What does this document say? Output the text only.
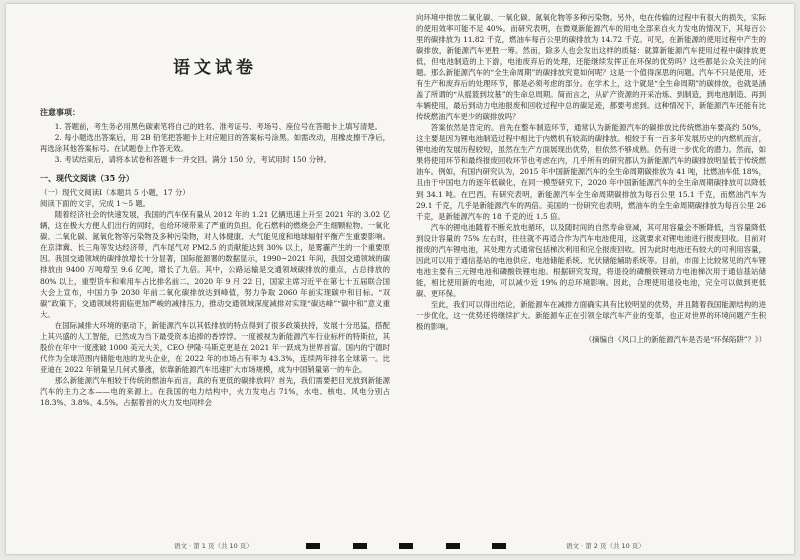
语文试卷
注意事项：

1. 答题前，考生务必用黑色碳素笔将自己的姓名、准考证号、考场号、座位号在答题卡上填写清楚。

2. 每小题选出答案后，用 2B 铅笔把答题卡上对应题目的答案标号涂黑。如需改动，用橡皮擦干净后，再选涂其他答案标号。在试题卷上作答无效。

3. 考试结束后，请将本试卷和答题卡一并交回。满分 150 分，考试用时 150 分钟。

一、现代文阅读（35 分）

（一）现代文阅读Ⅰ（本题共 5 小题，17 分）

阅读下面的文字，完成 1～5 题。

随着经济社会的快速发展，我国的汽车保有量从 2012 年的 1.21 亿辆迅速上升至 2021 年的 3.02 亿辆，这在极大方便人们出行的同时，也给环境带来了严重的负担。化石燃料的燃烧会产生细颗粒物、一氧化碳、二氧化碳、氮氧化物等污染物及多种污染物，对人体健康、大气能见度和地球辐射平衡产生重要影响。在京津冀、长三角等发达经济带，汽车尾气对 PM2.5 的贡献能达到 30% 以上，是雾霾产生的一个重要原因。我国交通领域的碳排放增长十分显著，国际能源署的数据显示，1990~2021 年间，我国交通领域的碳排放由 9400 万吨增至 9.6 亿吨，增长了九倍。其中，公路运输是交通领域碳排放的重点，占总排放的 80% 以上，重型货车和乘用车占比排名前二。2020 年 9 月 22 日，国家主席习近平在第七十五届联合国大会上宣布，中国力争 2030 年前二氧化碳排放达到峰值，努力争取 2060 年前实现碳中和目标。“双碳”政策下，交通领域将面临更加严峻的减排压力，推动交通领域深度减排对实现“碳达峰”“碳中和”意义重大。

在国际减排大环境的驱动下，新能源汽车以其低排放的特点得到了很多政策扶持，发展十分迅猛，搭配上其兴盛的人工智能，已然成为当下最受资本追捧的香饽饽。一度被视为新能源汽车行业标杆的特斯拉，其股价在年中一度涨破 1000 美元大关，CEO 伊隆·马斯克更是在 2021 年一跃成为世界首富。国内的宁德时代作为全球范围内储能电池的龙头企业，在 2022 年的市场占有率为 43.3%，连续两年排名全球第一。比亚迪在 2022 年销量呈几何式暴涨，依靠新能源汽车迅速扩大市场规模，成为中国销量第一的车企。

那么新能源汽车相较于传统的燃油车而言，真的有更低的碳排放吗？首先，我们需要把目光放到新能源汽车的主力之本——电的来源上。在我国的电力结构中，火力发电占 71%，水电、核电、风电分别占 18.3%、3.8%、4.5%。占据着首的火力发电同样会

向环境中排放二氧化碳、一氧化碳、氮氧化物等多种污染物。另外，电在传输的过程中有很大的损失，实际的使用效率可能不足 40%。而研究表明，在微观新能源汽车的用电全部来自火力发电的情况下，其每百公里的碳排放为 11.82 千克，燃油车每百公里的碳排放为 14.72 千克。可见，在新能源的使用过程中产生的碳排放，新能源汽车更胜一筹。然而，除多人也会发出这样的质疑：就算新能源汽车使用过程中碳排放更低，但电池制造的上下游，电池废弃后的处理，还能继续发挥正在环保的优势吗？这些都是公众关注的问题。那么新能源汽车的“全生命周期”的碳排放究竟如何呢？这是一个值得深思的问题。汽车不只是使用，还有生产和废弃后的处理环节，都是必须考虑的部分。在学术上，这个就是“全生命周期”的碳排放，也就是涵盖了所谓的“从摇篮到坟墓”的生命总周期。简而言之，从矿产资源的开采冶炼、到制造，到电池制造、再到车辆使用，最后到动力电池报废和回收过程中总的碳足迹，都要考虑到。这种情况下，新能源汽车还能有比传统燃油汽车更少的碳排放吗？

答案依然是肯定的。首先在整车制造环节，通常认为新能源汽车的碳排放比传统燃油车要高约 50%，这主要是因为锂电池制造过程中相比于内燃机有较高的碳排放。相较于有一百多年发展历史的内燃机而言，锂电池的发展历程较短，虽然在生产方面展现出优势，但依然不够成熟。仍有进一步优化的潜力。然而，如果将使用环节和最终报废回收环节也考虑在内，几乎所有的研究都认为新能源汽车的碳排放明显低于传统燃油车。例如，有国内研究认为，2015 年中国新能源汽车的全生命周期碳排放为 41 吨，比燃油车低 18%，且由于中国电力的逐年低碳化，在同一模型研究下，2020 年中国新能源汽车的全生命周期碳排放可以降低到 34.1 吨。在巴西，有研究表明，新能源汽车全生命周期碳排放为每百公里 15.1 千克，而燃油汽车为 29.1 千克，几乎是新能源汽车的两倍。美国的一份研究也表明，燃油车的全生命周期碳排放为每百公里 26 千克，是新能源汽车的 18 千克的近 1.5 倍。

汽车的锂电池随着不断充放电循环，以及随时间的自然寿命衰减，其可用容量会不断降低，当容量降低到设计容量的 75% 左右时，往往就不再适合作为汽车电池使用，这就要求对锂电池进行报废回收。目前对报废的汽车锂电池，其处理方式通常包括梯次利用和完全报废回收。因为此时电池还有较大的可利用容量，因此可以用于通信基站的电池供应、电池储能系统、光伏储能辅助系统等。目前，市面上比较常见的汽车锂电池主要有三元锂电池和磷酸铁锂电池。根据研究发现，将退役的磷酸铁锂动力电池梯次用于通信基站储能，相比使用新的电池，可以减少近 19% 的总环境影响。因此，合理使用退役电池，完全可以做到更低碳、更环保。

至此，我们可以得出结论，新能源车在减排方面确实具有比较明显的优势，并且随着我国能源结构的进一步优化，这一优势还将继续扩大。新能源车正在引领全球汽车产业的变革，也正对世界的环境问题产生积极的影响。

（摘编自《风口上的新能源汽车是否是“环保陷阱”？》）

语文 · 第 1 页（共 10 页）	语文 · 第 2 页（共 10 页）
